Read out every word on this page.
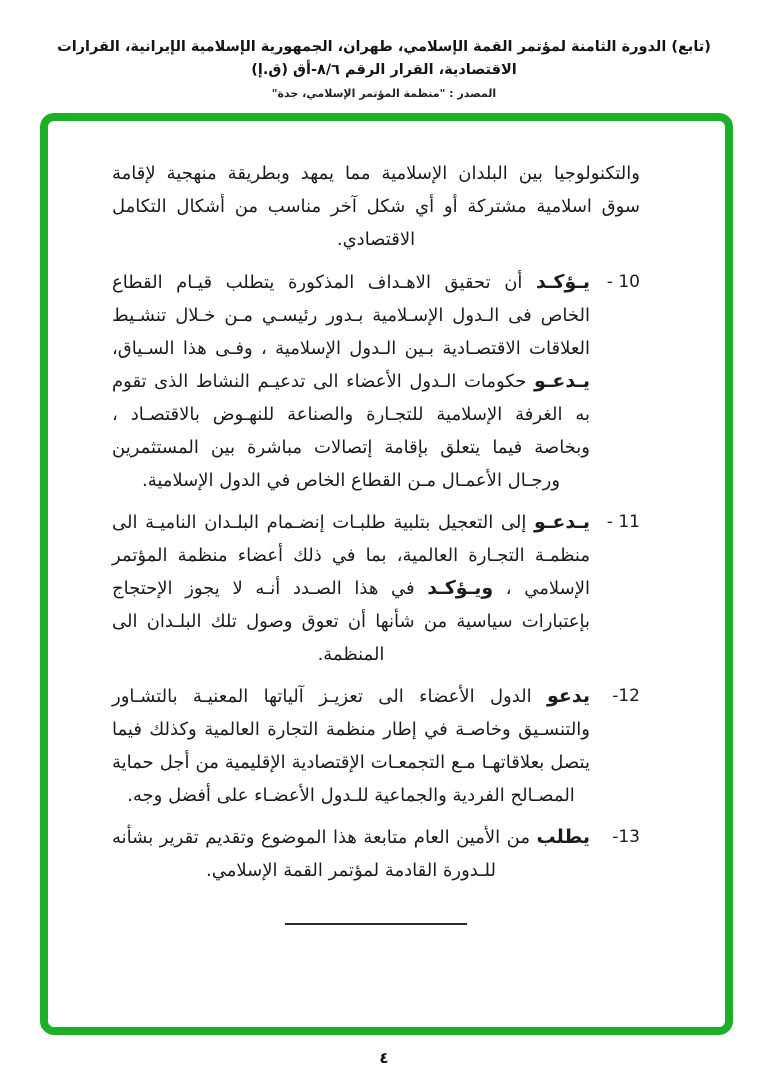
(تابع) الدورة الثامنة لمؤتمر القمة الإسلامي، طهران، الجمهورية الإسلامية الإيرانية، القرارات الاقتصادية، القرار الرقم ٨/٦-أق (ق.إ)
المصدر : "منظمة المؤتمر الإسلامي، جدة"

والتكنولوجيا بين البلدان الإسلامية مما يمهد وبطريقة منهجية لإقامة سوق اسلامية مشتركة أو أي شكل آخر مناسب من أشكال التكامل الاقتصادي.

10 -

يـؤكـد أن تحقيق الاهـداف المذكورة يتطلب قيـام القطاع الخاص فى الـدول الإسـلامية بـدور رئيسـي مـن خـلال تنشـيط العلاقات الاقتصـادية بـين الـدول الإسلامية ، وفـى هذا السـياق، يـدعـو حكومات الـدول الأعضاء الى تدعيـم النشاط الذى تقوم به الغرفة الإسلامية للتجـارة والصناعة للنهـوض بالاقتصـاد ، وبخاصة فيما يتعلق بإقامة إتصالات مباشرة بين المستثمرين ورجـال الأعمـال مـن القطاع الخاص في الدول الإسلامية.

11 -

يـدعـو إلى التعجيل بتلبية طلبـات إنضـمام البلـدان الناميـة الى منظمـة التجـارة العالمية، بما في ذلك أعضاء منظمة المؤتمر الإسلامي ، ويـؤكـد في هذا الصـدد أنـه لا يجوز الإحتجاج بإعتبارات سياسية من شأنها أن تعوق وصول تلك البلـدان الى المنظمة.

12-

يدعو الدول الأعضاء الى تعزيـز آلياتها المعنيـة بالتشـاور والتنسـيق وخاصـة في إطار منظمة التجارة العالمية وكذلك فيما يتصل بعلاقاتهـا مـع التجمعـات الإقتصادية الإقليمية من أجل حماية المصـالح الفردية والجماعية للـدول الأعضـاء على أفضل وجه.

13-

يطلب من الأمين العام متابعة هذا الموضوع وتقديم تقرير بشأنه للـدورة القادمة لمؤتمر القمة الإسلامي.

٤
